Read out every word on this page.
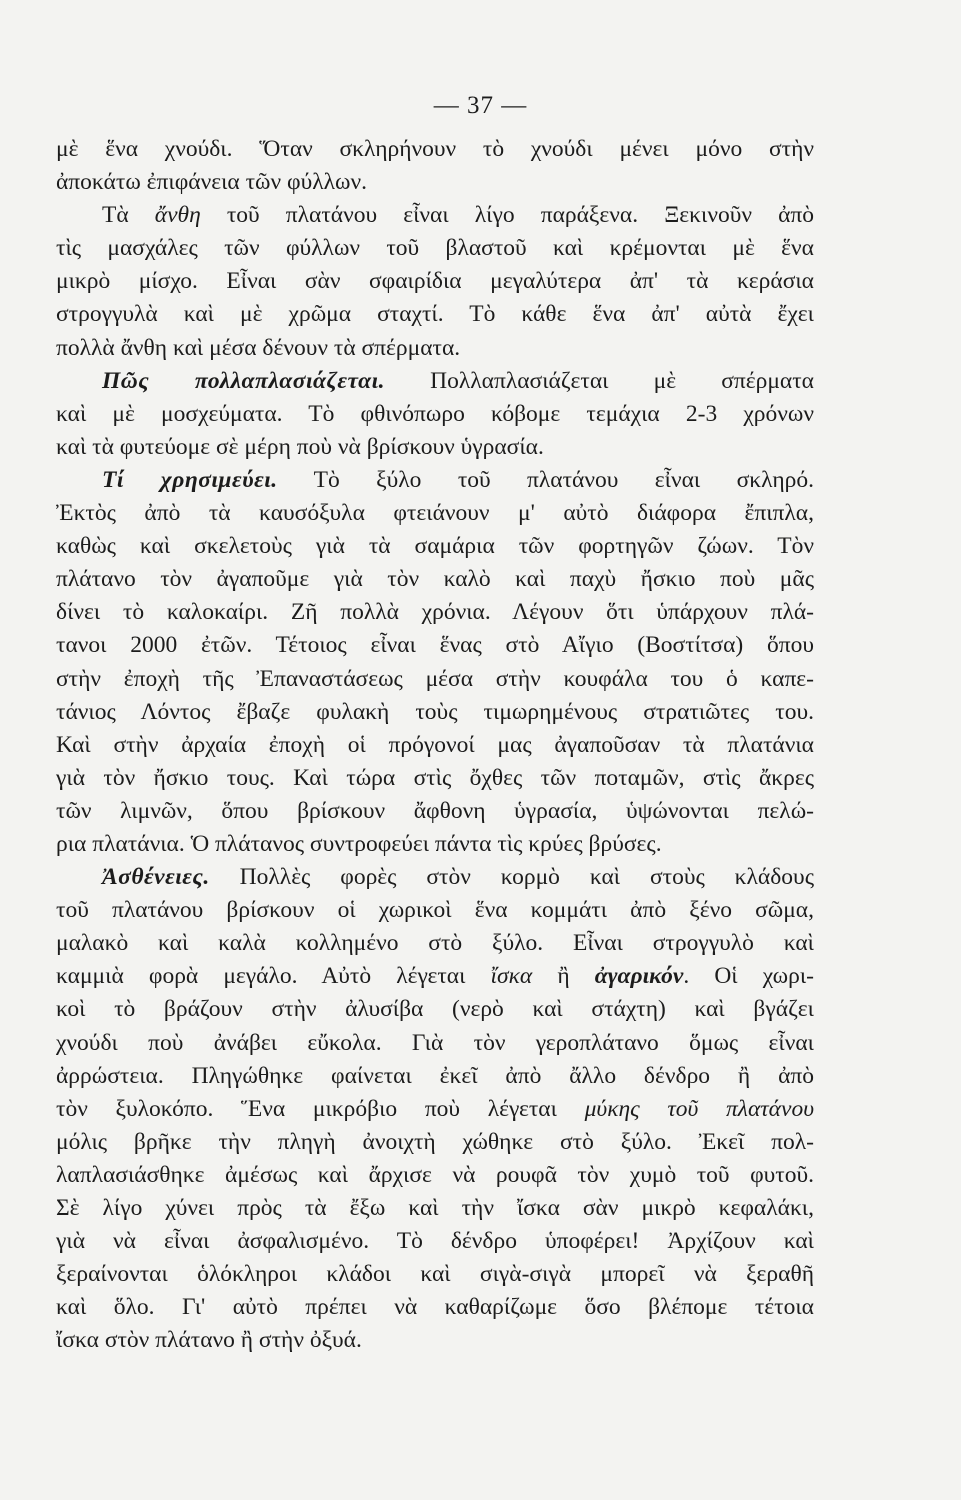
— 37 —
μὲ ἕνα χνούδι. Ὅταν σκληρήνουν τὸ χνούδι μένει μόνο στὴν
ἀποκάτω ἐπιφάνεια τῶν φύλλων.
Τὰ ἄνθη τοῦ πλατάνου εἶναι λίγο παράξενα. Ξεκινοῦν ἀπὸ
τὶς μασχάλες τῶν φύλλων τοῦ βλαστοῦ καὶ κρέμονται μὲ ἕνα
μικρὸ μίσχο. Εἶναι σὰν σφαιρίδια μεγαλύτερα ἀπ' τὰ κεράσια
στρογγυλὰ καὶ μὲ χρῶμα σταχτί. Τὸ κάθε ἕνα ἀπ' αὐτὰ ἔχει
πολλὰ ἄνθη καὶ μέσα δένουν τὰ σπέρματα.
Πῶς πολλαπλασιάζεται. Πολλαπλασιάζεται μὲ σπέρματα
καὶ μὲ μοσχεύματα. Τὸ φθινόπωρο κόβομε τεμάχια 2-3 χρόνων
καὶ τὰ φυτεύομε σὲ μέρη ποὺ νὰ βρίσκουν ὑγρασία.
Τί χρησιμεύει. Τὸ ξύλο τοῦ πλατάνου εἶναι σκληρό.
Ἐκτὸς ἀπὸ τὰ καυσόξυλα φτειάνουν μ' αὐτὸ διάφορα ἔπιπλα,
καθὼς καὶ σκελετοὺς γιὰ τὰ σαμάρια τῶν φορτηγῶν ζώων. Τὸν
πλάτανο τὸν ἀγαποῦμε γιὰ τὸν καλὸ καὶ παχὺ ἤσκιο ποὺ μᾶς
δίνει τὸ καλοκαίρι. Ζῆ πολλὰ χρόνια. Λέγουν ὅτι ὑπάρχουν πλά-
τανοι 2000 ἐτῶν. Τέτοιος εἶναι ἕνας στὸ Αἴγιο (Βοστίτσα) ὅπου
στὴν ἐποχὴ τῆς Ἐπαναστάσεως μέσα στὴν κουφάλα του ὁ καπε-
τάνιος Λόντος ἔβαζε φυλακὴ τοὺς τιμωρημένους στρατιῶτες του.
Καὶ στὴν ἀρχαία ἐποχὴ οἱ πρόγονοί μας ἀγαποῦσαν τὰ πλατάνια
γιὰ τὸν ἤσκιο τους. Καὶ τώρα στὶς ὄχθες τῶν ποταμῶν, στὶς ἄκρες
τῶν λιμνῶν, ὅπου βρίσκουν ἄφθονη ὑγρασία, ὑψώνονται πελώ-
ρια πλατάνια. Ὁ πλάτανος συντροφεύει πάντα τὶς κρύες βρύσες.
Ἀσθένειες. Πολλὲς φορὲς στὸν κορμὸ καὶ στοὺς κλάδους
τοῦ πλατάνου βρίσκουν οἱ χωρικοὶ ἕνα κομμάτι ἀπὸ ξένο σῶμα,
μαλακὸ καὶ καλὰ κολλημένο στὸ ξύλο. Εἶναι στρογγυλὸ καὶ
καμμιὰ φορὰ μεγάλο. Αὐτὸ λέγεται ἴσκα ἢ ἀγαρικόν. Οἱ χωρι-
κοὶ τὸ βράζουν στὴν ἀλυσίβα (νερὸ καὶ στάχτη) καὶ βγάζει
χνούδι ποὺ ἀνάβει εὔκολα. Γιὰ τὸν γεροπλάτανο ὅμως εἶναι
ἀρρώστεια. Πληγώθηκε φαίνεται ἐκεῖ ἀπὸ ἄλλο δένδρο ἢ ἀπὸ
τὸν ξυλοκόπο. Ἕνα μικρόβιο ποὺ λέγεται μύκης τοῦ πλατάνου
μόλις βρῆκε τὴν πληγὴ ἀνοιχτὴ χώθηκε στὸ ξύλο. Ἐκεῖ πολ-
λαπλασιάσθηκε ἀμέσως καὶ ἄρχισε νὰ ρουφᾶ τὸν χυμὸ τοῦ φυτοῦ.
Σὲ λίγο χύνει πρὸς τὰ ἔξω καὶ τὴν ἴσκα σὰν μικρὸ κεφαλάκι,
γιὰ νὰ εἶναι ἀσφαλισμένο. Τὸ δένδρο ὑποφέρει! Ἀρχίζουν καὶ
ξεραίνονται ὁλόκληροι κλάδοι καὶ σιγὰ-σιγὰ μπορεῖ νὰ ξεραθῆ
καὶ ὅλο. Γι' αὐτὸ πρέπει νὰ καθαρίζωμε ὅσο βλέπομε τέτοια
ἴσκα στὸν πλάτανο ἢ στὴν ὀξυά.
